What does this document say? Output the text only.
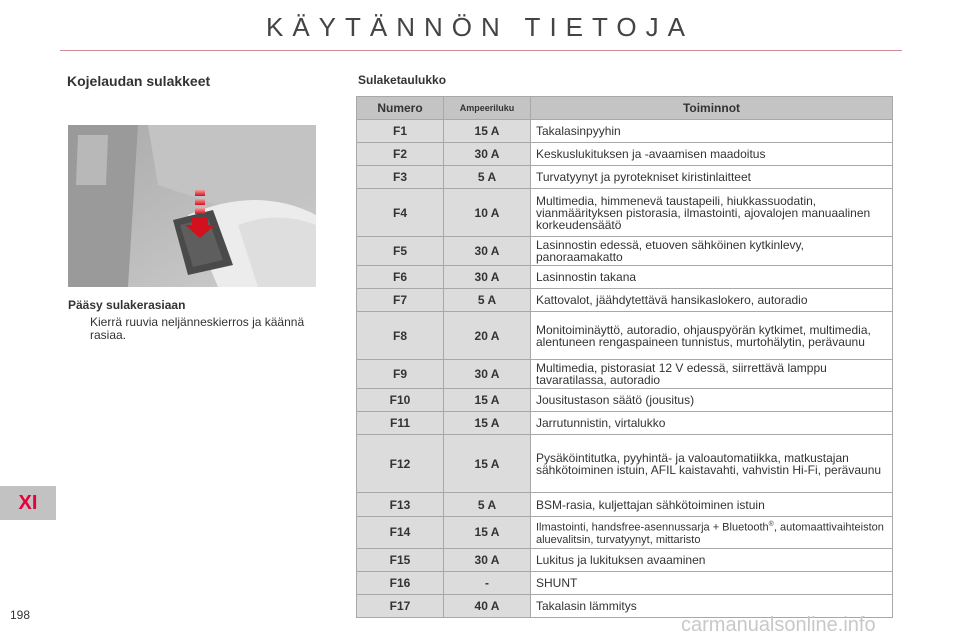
KÄYTÄNNÖN TIETOJA
Kojelaudan sulakkeet
Pääsy sulakerasiaan
Kierrä ruuvia neljänneskierros ja käännä rasiaa.
Sulaketaulukko
Numero	Ampeeriluku	Toiminnot
F1	15 A	Takalasinpyyhin
F2	30 A	Keskuslukituksen ja -avaamisen maadoitus
F3	5 A	Turvatyynyt ja pyrotekniset kiristinlaitteet
F4	10 A	Multimedia, himmenevä taustapeili, hiukkassuodatin, vianmäärityksen pistorasia, ilmastointi, ajovalojen manuaalinen korkeudensäätö
F5	30 A	Lasinnostin edessä, etuoven sähköinen kytkinlevy, panoraamakatto
F6	30 A	Lasinnostin takana
F7	5 A	Kattovalot, jäähdytettävä hansikaslokero, autoradio
F8	20 A	Monitoiminäyttö, autoradio, ohjauspyörän kytkimet, multimedia, alentuneen rengaspaineen tunnistus, murtohälytin, perävaunu
F9	30 A	Multimedia, pistorasiat 12 V edessä, siirrettävä lamppu tavaratilassa, autoradio
F10	15 A	Jousitustason säätö (jousitus)
F11	15 A	Jarrutunnistin, virtalukko
F12	15 A	Pysäköintitutka, pyyhintä- ja valoautomatiikka, matkustajan sähkötoiminen istuin, AFIL kaistavahti, vahvistin Hi-Fi, perävaunu
F13	5 A	BSM-rasia, kuljettajan sähkötoiminen istuin
F14	15 A	Ilmastointi, handsfree-asennussarja + Bluetooth®, automaattivaihteiston aluevalitsin, turvatyynyt, mittaristo
F15	30 A	Lukitus ja lukituksen avaaminen
F16	-	SHUNT
F17	40 A	Takalasin lämmitys
XI
198	carmanualsonline.info
